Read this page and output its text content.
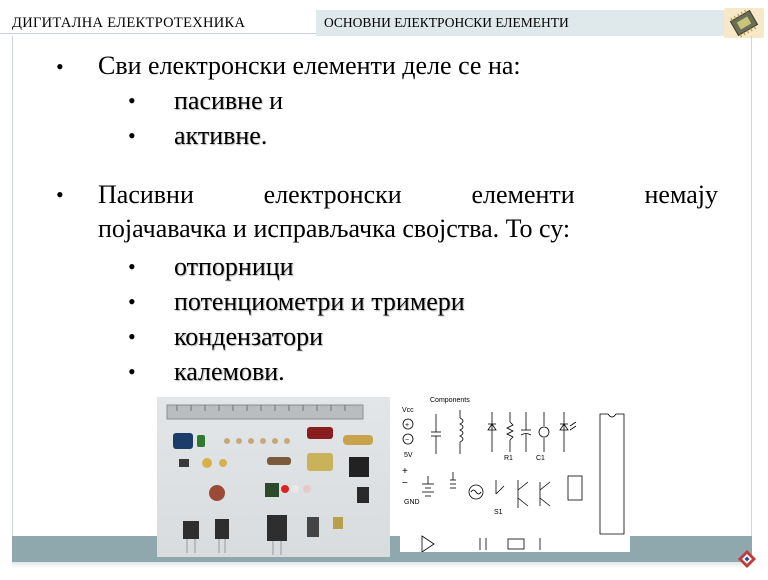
ДИГИТАЛНА ЕЛЕКТРОТЕХНИКА	ОСНОВНИ ЕЛЕКТРОНСКИ ЕЛЕМЕНТИ
• Сви електронски елементи деле се на:
• пасивне и
• активне.
• Пасивни	електронски	елементи	немају
појачавачка и исправљачка својства. То су:
• отпорници
• потенциометри и тримери
• кондензатори
• калемови.
Components
Vcc
+
−
5V
+
−
GND
R1	C1
S1
